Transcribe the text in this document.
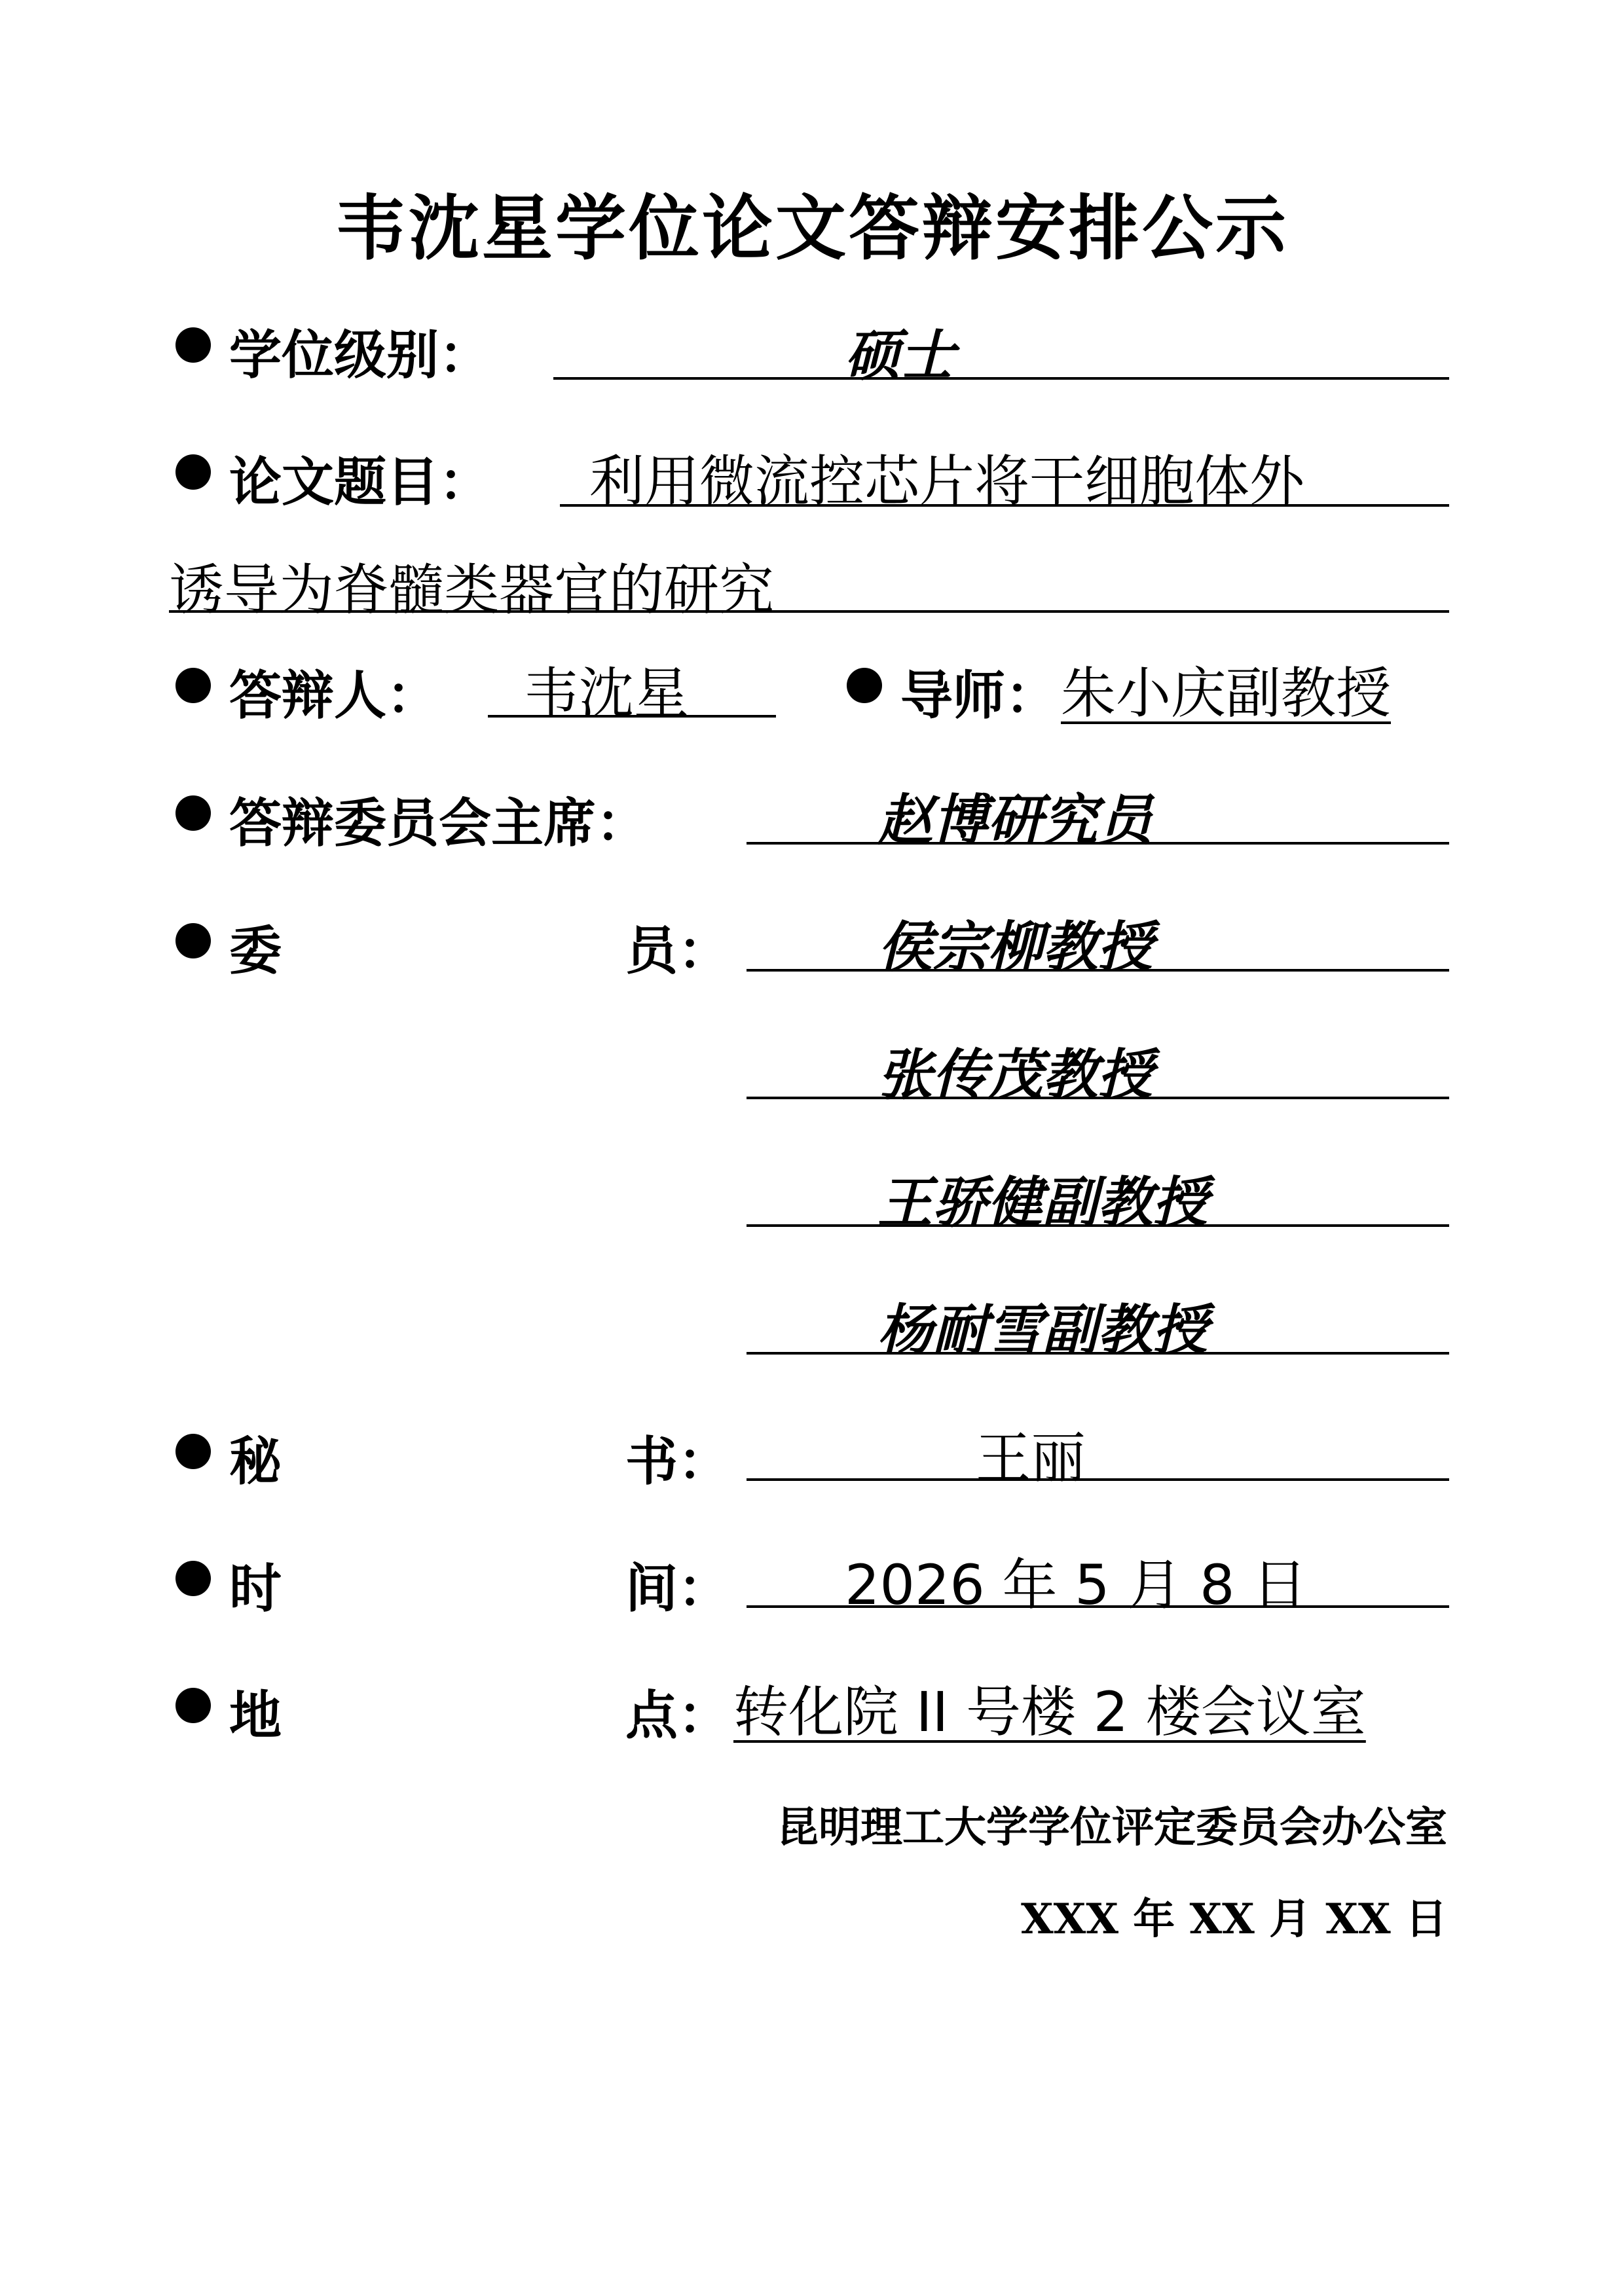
韦沈星学位论文答辩安排公示
学位级别：	硕士
论文题目： 利用微流控芯片将干细胞体外
诱导为脊髓类器官的研究
答辩人： 韦沈星	导师： 朱小庆副教授
答辩委员会主席：	赵博研究员
委	员：	侯宗柳教授
张传茂教授
王骄健副教授
杨耐雪副教授
秘	书：	王丽
时	间： 2026 年 5 月 8 日
地	点： 转化院 II 号楼 2 楼会议室
昆明理工大学学位评定委员会办公室
XXX 年 XX 月 XX 日
